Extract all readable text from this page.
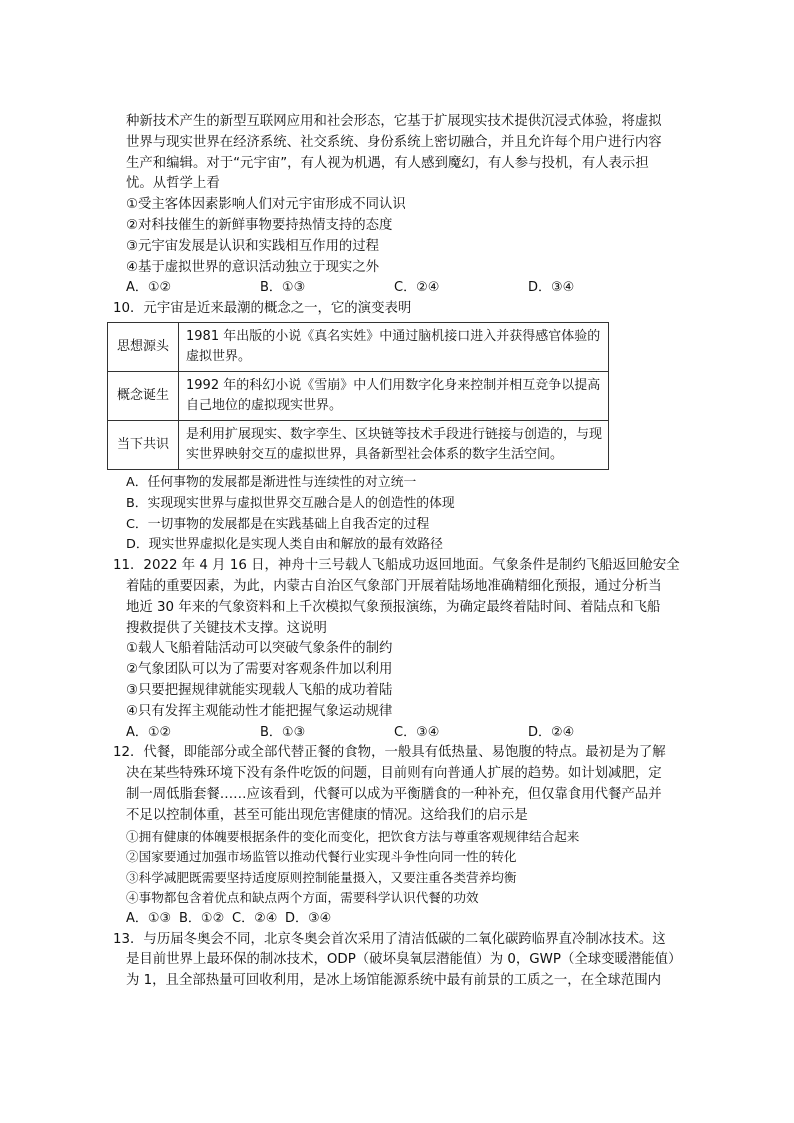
种新技术产生的新型互联网应用和社会形态，它基于扩展现实技术提供沉浸式体验，将虚拟
世界与现实世界在经济系统、社交系统、身份系统上密切融合，并且允许每个用户进行内容
生产和编辑。对于“元宇宙”，有人视为机遇，有人感到魔幻，有人参与投机，有人表示担
忧。从哲学上看
①受主客体因素影响人们对元宇宙形成不同认识
②对科技催生的新鲜事物要持热情支持的态度
③元宇宙发展是认识和实践相互作用的过程
④基于虚拟世界的意识活动独立于现实之外
A．①②	B．①③	C．②④	D．③④
10．元宇宙是近来最潮的概念之一，它的演变表明
思想源头	1981 年出版的小说《真名实姓》中通过脑机接口进入并获得感官体验的虚拟世界。
概念诞生	1992 年的科幻小说《雪崩》中人们用数字化身来控制并相互竞争以提高自己地位的虚拟现实世界。
当下共识	是利用扩展现实、数字孪生、区块链等技术手段进行链接与创造的，与现实世界映射交互的虚拟世界，具备新型社会体系的数字生活空间。
A．任何事物的发展都是渐进性与连续性的对立统一
B．实现现实世界与虚拟世界交互融合是人的创造性的体现
C．一切事物的发展都是在实践基础上自我否定的过程
D．现实世界虚拟化是实现人类自由和解放的最有效路径
11．2022 年 4 月 16 日，神舟十三号载人飞船成功返回地面。气象条件是制约飞船返回舱安全
着陆的重要因素，为此，内蒙古自治区气象部门开展着陆场地准确精细化预报，通过分析当
地近 30 年来的气象资料和上千次模拟气象预报演练，为确定最终着陆时间、着陆点和飞船
搜救提供了关键技术支撑。这说明
①载人飞船着陆活动可以突破气象条件的制约
②气象团队可以为了需要对客观条件加以利用
③只要把握规律就能实现载人飞船的成功着陆
④只有发挥主观能动性才能把握气象运动规律
A．①②	B．①③	C．③④	D．②④
12．代餐，即能部分或全部代替正餐的食物，一般具有低热量、易饱腹的特点。最初是为了解
决在某些特殊环境下没有条件吃饭的问题，目前则有向普通人扩展的趋势。如计划减肥，定
制一周低脂套餐……应该看到，代餐可以成为平衡膳食的一种补充，但仅靠食用代餐产品并
不足以控制体重，甚至可能出现危害健康的情况。这给我们的启示是
①拥有健康的体魄要根据条件的变化而变化，把饮食方法与尊重客观规律结合起来
②国家要通过加强市场监管以推动代餐行业实现斗争性向同一性的转化
③科学减肥既需要坚持适度原则控制能量摄入，又要注重各类营养均衡
④事物都包含着优点和缺点两个方面，需要科学认识代餐的功效
A．①③ B．①② C．②④ D．③④
13．与历届冬奥会不同，北京冬奥会首次采用了清洁低碳的二氧化碳跨临界直冷制冰技术。这
是目前世界上最环保的制冰技术，ODP（破坏臭氧层潜能值）为 0，GWP（全球变暖潜能值）
为 1，且全部热量可回收利用，是冰上场馆能源系统中最有前景的工质之一，在全球范围内
